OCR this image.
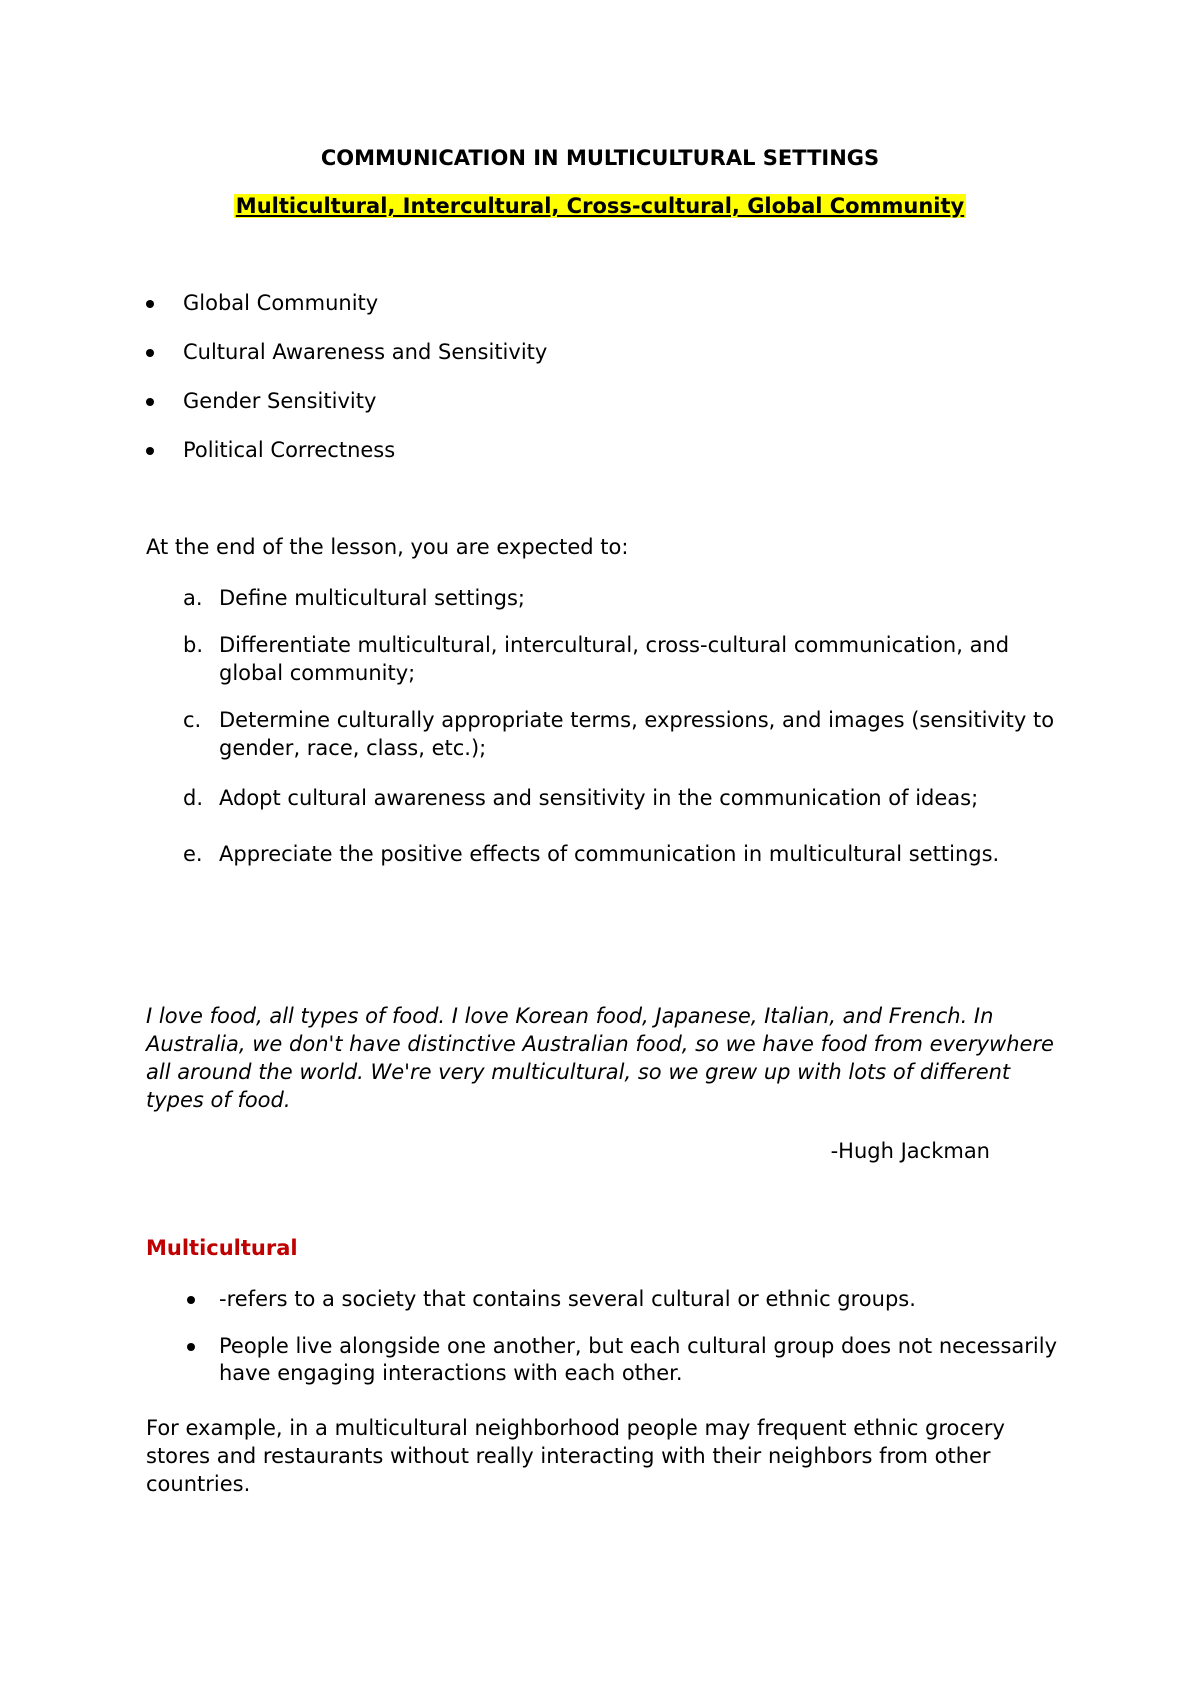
COMMUNICATION IN MULTICULTURAL SETTINGS
Multicultural, Intercultural, Cross-cultural, Global Community
Global Community
Cultural Awareness and Sensitivity
Gender Sensitivity
Political Correctness

At the end of the lesson, you are expected to:

a. Define multicultural settings;
b. Differentiate multicultural, intercultural, cross-cultural communication, and global community;
c. Determine culturally appropriate terms, expressions, and images (sensitivity to gender, race, class, etc.);
d. Adopt cultural awareness and sensitivity in the communication of ideas;
e. Appreciate the positive effects of communication in multicultural settings.

I love food, all types of food. I love Korean food, Japanese, Italian, and French. In Australia, we don't have distinctive Australian food, so we have food from everywhere all around the world. We're very multicultural, so we grew up with lots of different types of food.

-Hugh Jackman

Multicultural
-refers to a society that contains several cultural or ethnic groups.
People live alongside one another, but each cultural group does not necessarily have engaging interactions with each other.

For example, in a multicultural neighborhood people may frequent ethnic grocery stores and restaurants without really interacting with their neighbors from other countries.
